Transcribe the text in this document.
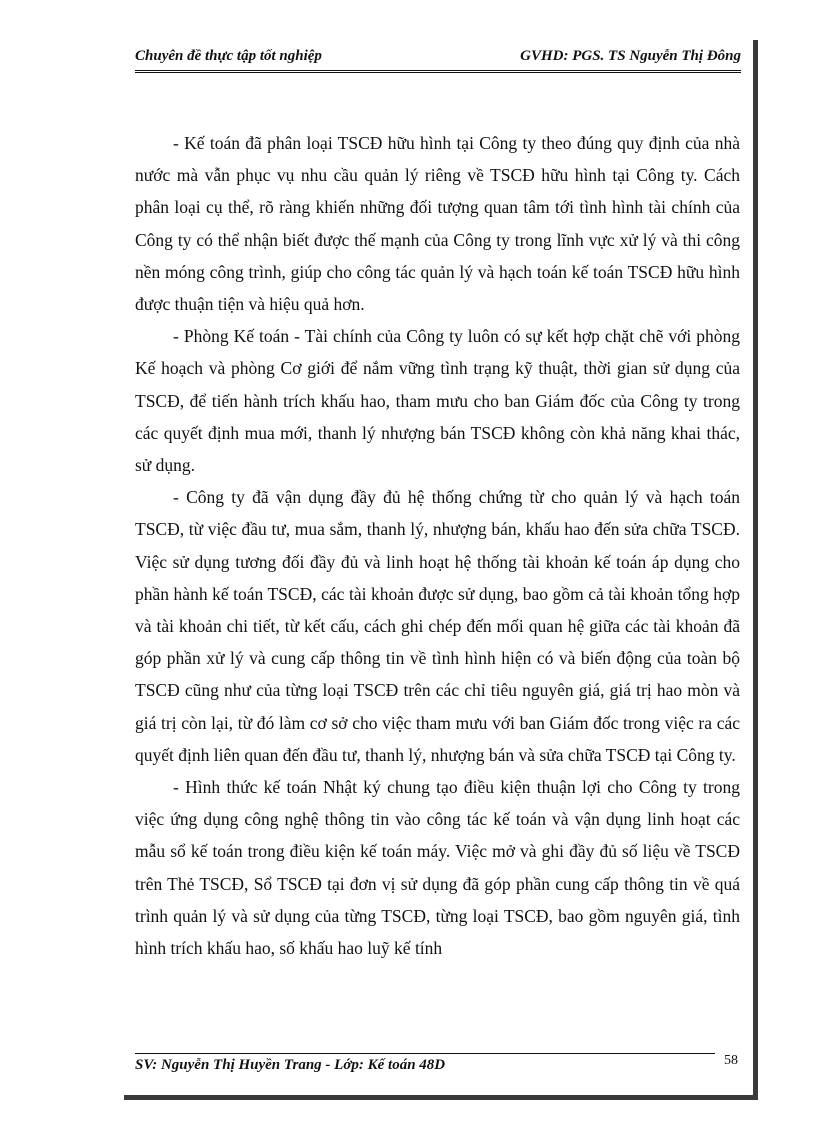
Chuyên đề thực tập tốt nghiệp	GVHD: PGS. TS Nguyễn Thị Đông

- Kế toán đã phân loại TSCĐ hữu hình tại Công ty theo đúng quy định của nhà nước mà vẫn phục vụ nhu cầu quản lý riêng về TSCĐ hữu hình tại Công ty. Cách phân loại cụ thể, rõ ràng khiến những đối tượng quan tâm tới tình hình tài chính của Công ty có thể nhận biết được thế mạnh của Công ty trong lĩnh vực xử lý và thi công nền móng công trình, giúp cho công tác quản lý và hạch toán kế toán TSCĐ hữu hình được thuận tiện và hiệu quả hơn.

- Phòng Kế toán - Tài chính của Công ty luôn có sự kết hợp chặt chẽ với phòng Kế hoạch và phòng Cơ giới để nắm vững tình trạng kỹ thuật, thời gian sử dụng của TSCĐ, để tiến hành trích khấu hao, tham mưu cho ban Giám đốc của Công ty trong các quyết định mua mới, thanh lý nhượng bán TSCĐ không còn khả năng khai thác, sử dụng.

- Công ty đã vận dụng đầy đủ hệ thống chứng từ cho quản lý và hạch toán TSCĐ, từ việc đầu tư, mua sắm, thanh lý, nhượng bán, khấu hao đến sửa chữa TSCĐ. Việc sử dụng tương đối đầy đủ và linh hoạt hệ thống tài khoản kế toán áp dụng cho phần hành kế toán TSCĐ, các tài khoản được sử dụng, bao gồm cả tài khoản tổng hợp và tài khoản chi tiết, từ kết cấu, cách ghi chép đến mối quan hệ giữa các tài khoản đã góp phần xử lý và cung cấp thông tin về tình hình hiện có và biến động của toàn bộ TSCĐ cũng như của từng loại TSCĐ trên các chỉ tiêu nguyên giá, giá trị hao mòn và giá trị còn lại, từ đó làm cơ sở cho việc tham mưu với ban Giám đốc trong việc ra các quyết định liên quan đến đầu tư, thanh lý, nhượng bán và sửa chữa TSCĐ tại Công ty.

- Hình thức kế toán Nhật ký chung tạo điều kiện thuận lợi cho Công ty trong việc ứng dụng công nghệ thông tin vào công tác kế toán và vận dụng linh hoạt các mẫu sổ kế toán trong điều kiện kế toán máy. Việc mở và ghi đầy đủ số liệu về TSCĐ trên Thẻ TSCĐ, Sổ TSCĐ tại đơn vị sử dụng đã góp phần cung cấp thông tin về quá trình quản lý và sử dụng của từng TSCĐ, từng loại TSCĐ, bao gồm nguyên giá, tình hình trích khấu hao, số khấu hao luỹ kế tính

SV: Nguyễn Thị Huyền Trang - Lớp: Kế toán 48D	58
